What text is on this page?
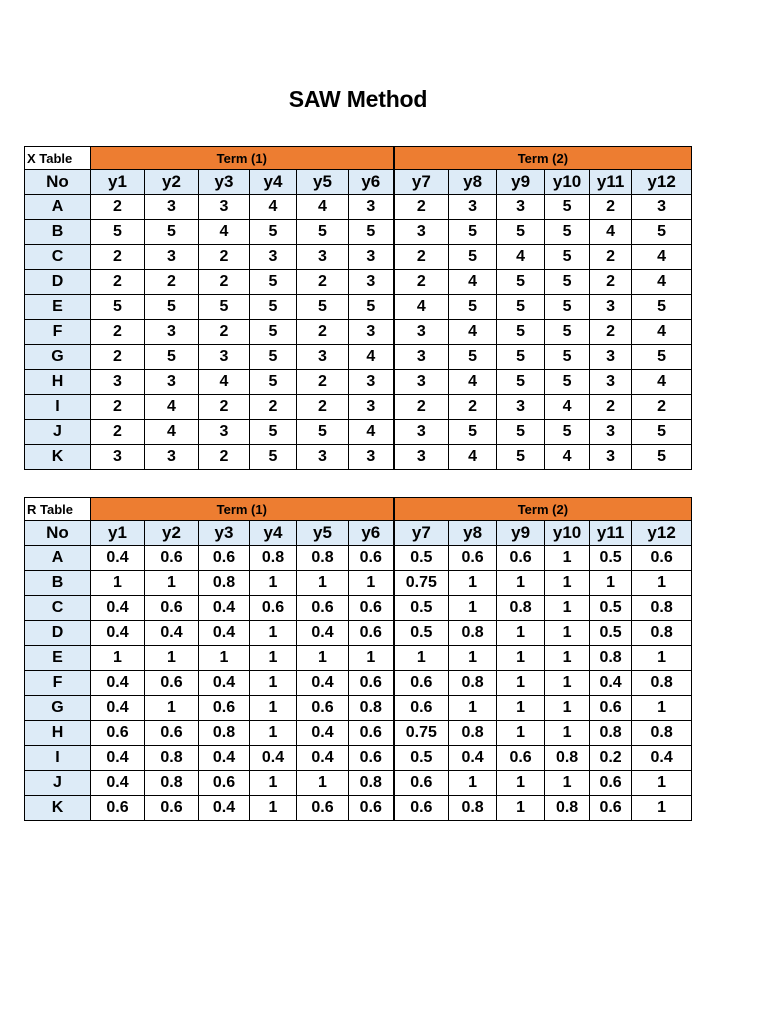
SAW Method
X Table	Term (1)						Term (2)					
No	y1	y2	y3	y4	y5	y6	y7	y8	y9	y10	y11	y12
A	2	3	3	4	4	3	2	3	3	5	2	3
B	5	5	4	5	5	5	3	5	5	5	4	5
C	2	3	2	3	3	3	2	5	4	5	2	4
D	2	2	2	5	2	3	2	4	5	5	2	4
E	5	5	5	5	5	5	4	5	5	5	3	5
F	2	3	2	5	2	3	3	4	5	5	2	4
G	2	5	3	5	3	4	3	5	5	5	3	5
H	3	3	4	5	2	3	3	4	5	5	3	4
I	2	4	2	2	2	3	2	2	3	4	2	2
J	2	4	3	5	5	4	3	5	5	5	3	5
K	3	3	2	5	3	3	3	4	5	4	3	5
R Table	Term (1)						Term (2)					
No	y1	y2	y3	y4	y5	y6	y7	y8	y9	y10	y11	y12
A	0.4	0.6	0.6	0.8	0.8	0.6	0.5	0.6	0.6	1	0.5	0.6
B	1	1	0.8	1	1	1	0.75	1	1	1	1	1
C	0.4	0.6	0.4	0.6	0.6	0.6	0.5	1	0.8	1	0.5	0.8
D	0.4	0.4	0.4	1	0.4	0.6	0.5	0.8	1	1	0.5	0.8
E	1	1	1	1	1	1	1	1	1	1	0.8	1
F	0.4	0.6	0.4	1	0.4	0.6	0.6	0.8	1	1	0.4	0.8
G	0.4	1	0.6	1	0.6	0.8	0.6	1	1	1	0.6	1
H	0.6	0.6	0.8	1	0.4	0.6	0.75	0.8	1	1	0.8	0.8
I	0.4	0.8	0.4	0.4	0.4	0.6	0.5	0.4	0.6	0.8	0.2	0.4
J	0.4	0.8	0.6	1	1	0.8	0.6	1	1	1	0.6	1
K	0.6	0.6	0.4	1	0.6	0.6	0.6	0.8	1	0.8	0.6	1
